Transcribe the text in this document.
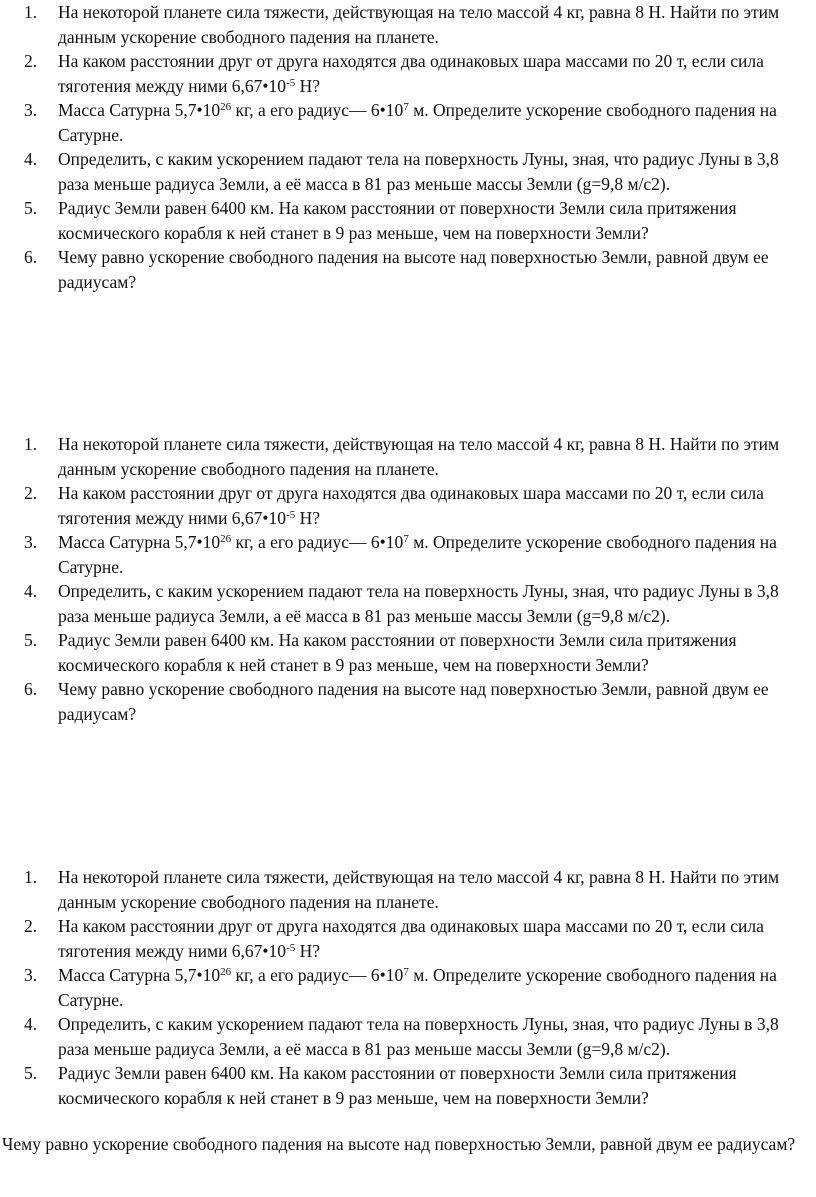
1.	На некоторой планете сила тяжести, действующая на тело массой 4 кг, равна 8 Н. Найти по этим данным ускорение свободного падения на планете.
2.	На каком расстоянии друг от друга находятся два одинаковых шара массами по 20 т, если сила тяготения между ними $6,67•10^{-5}$ Н?
3.	Масса Сатурна $5,7•10^{26}$ кг, а его радиус— $6•10^7$ м. Определите ускорение свободного падения на Сатурне.
4.	Определить, с каким ускорением падают тела на поверхность Луны, зная, что радиус Луны в 3,8 раза меньше радиуса Земли, а её масса в 81 раз меньше массы Земли (g=9,8 м/с2).
5.	Радиус Земли равен 6400 км. На каком расстоянии от поверхности Земли сила притяжения космического корабля к ней станет в 9 раз меньше, чем на поверхности Земли?
6.	Чему равно ускорение свободного падения на высоте над поверхностью Земли, равной двум ее радиусам?
1.	На некоторой планете сила тяжести, действующая на тело массой 4 кг, равна 8 Н. Найти по этим данным ускорение свободного падения на планете.
2.	На каком расстоянии друг от друга находятся два одинаковых шара массами по 20 т, если сила тяготения между ними $6,67•10^{-5}$ Н?
3.	Масса Сатурна $5,7•10^{26}$ кг, а его радиус— $6•10^7$ м. Определите ускорение свободного падения на Сатурне.
4.	Определить, с каким ускорением падают тела на поверхность Луны, зная, что радиус Луны в 3,8 раза меньше радиуса Земли, а её масса в 81 раз меньше массы Земли (g=9,8 м/с2).
5.	Радиус Земли равен 6400 км. На каком расстоянии от поверхности Земли сила притяжения космического корабля к ней станет в 9 раз меньше, чем на поверхности Земли?
6.	Чему равно ускорение свободного падения на высоте над поверхностью Земли, равной двум ее радиусам?
1.	На некоторой планете сила тяжести, действующая на тело массой 4 кг, равна 8 Н. Найти по этим данным ускорение свободного падения на планете.
2.	На каком расстоянии друг от друга находятся два одинаковых шара массами по 20 т, если сила тяготения между ними $6,67•10^{-5}$ Н?
3.	Масса Сатурна $5,7•10^{26}$ кг, а его радиус— $6•10^7$ м. Определите ускорение свободного падения на Сатурне.
4.	Определить, с каким ускорением падают тела на поверхность Луны, зная, что радиус Луны в 3,8 раза меньше радиуса Земли, а её масса в 81 раз меньше массы Земли (g=9,8 м/с2).
5.	Радиус Земли равен 6400 км. На каком расстоянии от поверхности Земли сила притяжения космического корабля к ней станет в 9 раз меньше, чем на поверхности Земли?

Чему равно ускорение свободного падения на высоте над поверхностью Земли, равной двум ее радиусам?
